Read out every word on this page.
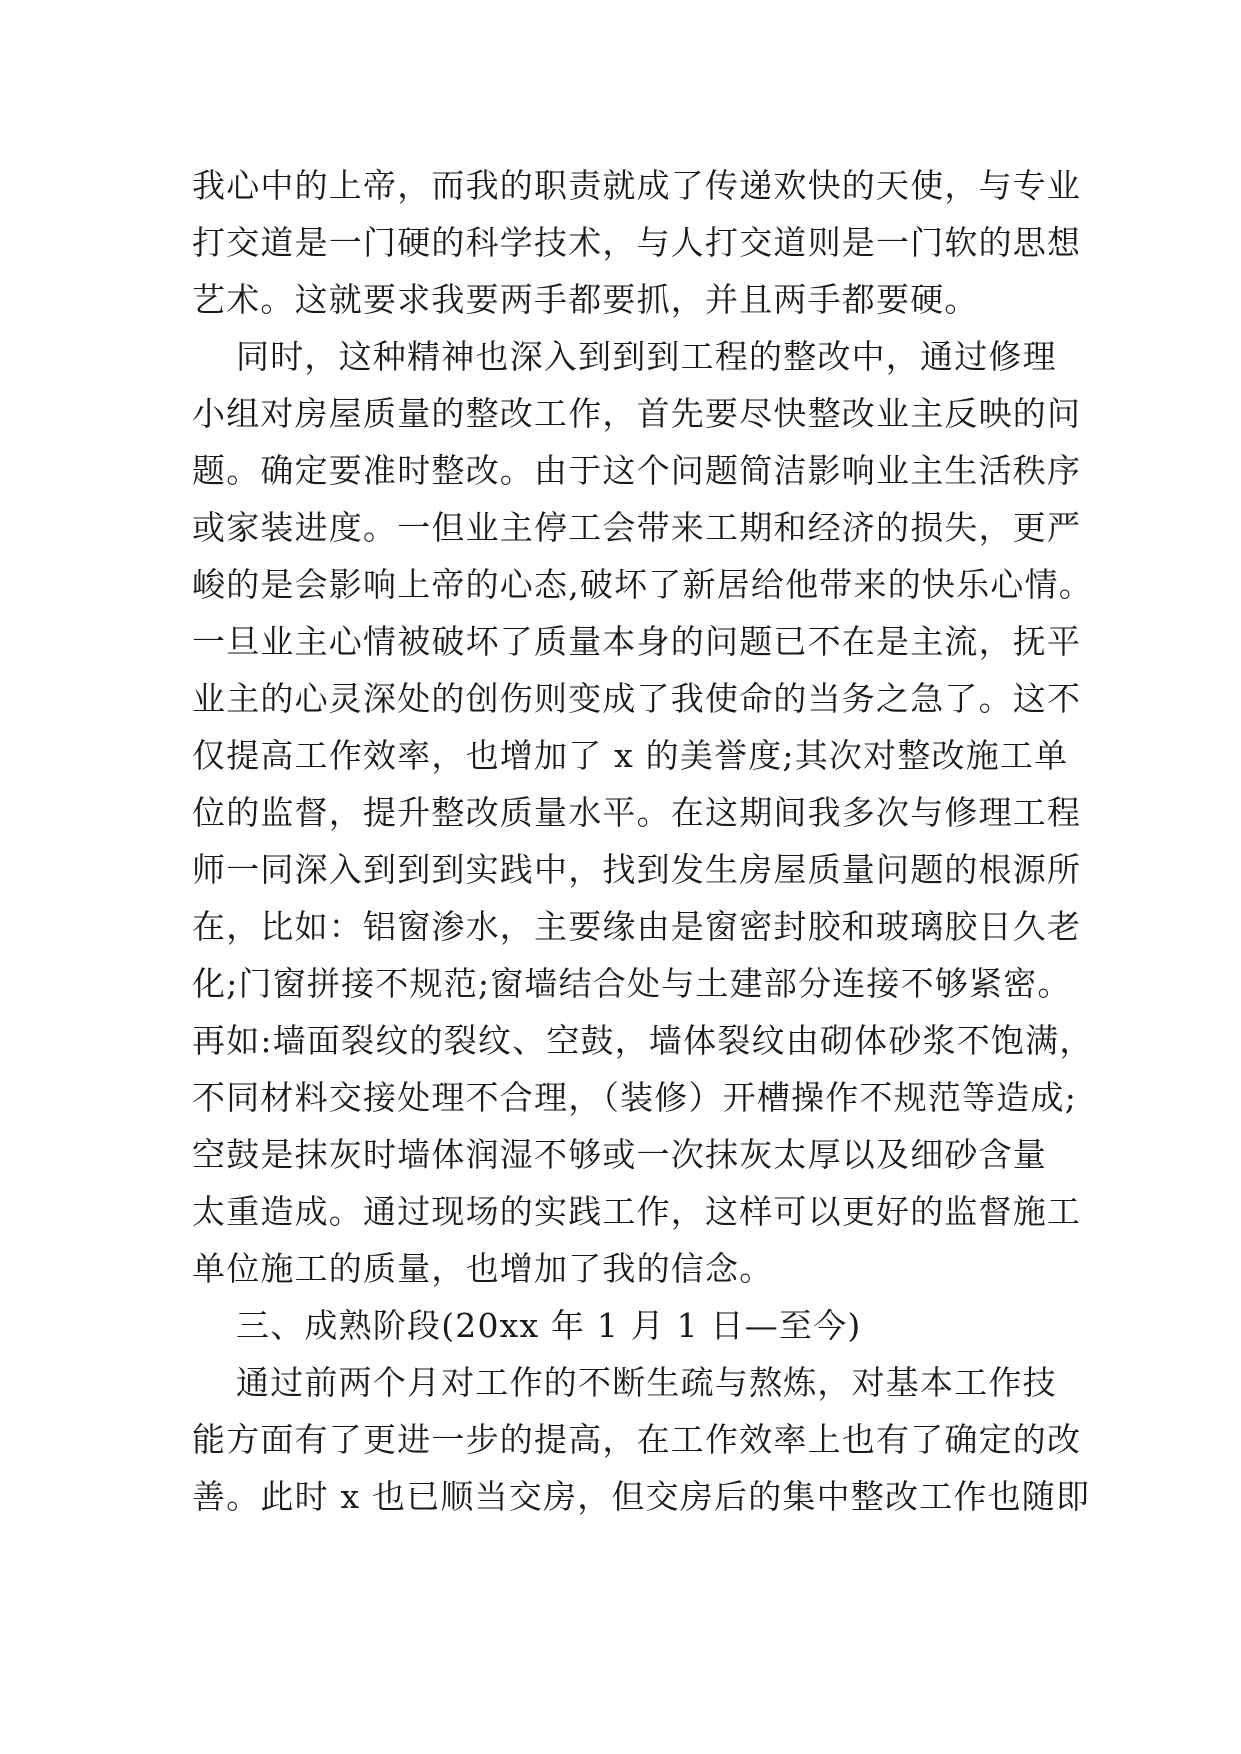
我心中的上帝，而我的职责就成了传递欢快的天使，与专业
打交道是一门硬的科学技术，与人打交道则是一门软的思想
艺术。这就要求我要两手都要抓，并且两手都要硬。
同时，这种精神也深入到到到工程的整改中，通过修理
小组对房屋质量的整改工作，首先要尽快整改业主反映的问
题。确定要准时整改。由于这个问题简洁影响业主生活秩序
或家装进度。一但业主停工会带来工期和经济的损失，更严
峻的是会影响上帝的心态,破坏了新居给他带来的快乐心情。
一旦业主心情被破坏了质量本身的问题已不在是主流，抚平
业主的心灵深处的创伤则变成了我使命的当务之急了。这不
仅提高工作效率，也增加了 x 的美誉度;其次对整改施工单
位的监督，提升整改质量水平。在这期间我多次与修理工程
师一同深入到到到实践中，找到发生房屋质量问题的根源所
在，比如：铝窗渗水，主要缘由是窗密封胶和玻璃胶日久老
化;门窗拼接不规范;窗墙结合处与土建部分连接不够紧密。
再如:墙面裂纹的裂纹、空鼓，墙体裂纹由砌体砂浆不饱满，
不同材料交接处理不合理，（装修）开槽操作不规范等造成;
空鼓是抹灰时墙体润湿不够或一次抹灰太厚以及细砂含量
太重造成。通过现场的实践工作，这样可以更好的监督施工
单位施工的质量，也增加了我的信念。
三、成熟阶段(20xx 年 1 月 1 日—至今)
通过前两个月对工作的不断生疏与熬炼，对基本工作技
能方面有了更进一步的提高，在工作效率上也有了确定的改
善。此时 x 也已顺当交房，但交房后的集中整改工作也随即
